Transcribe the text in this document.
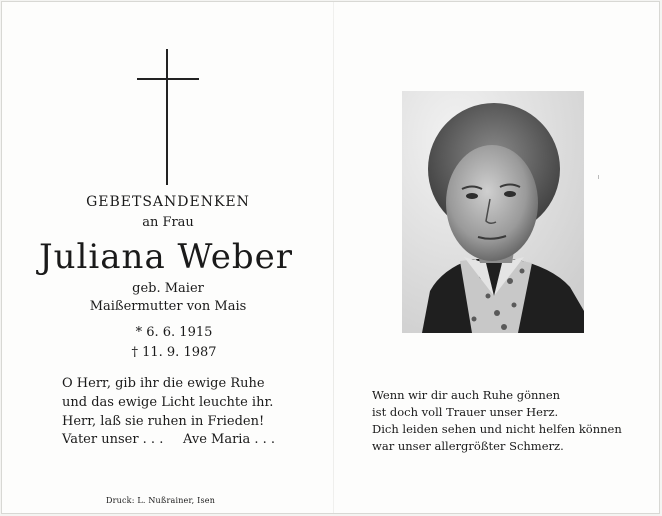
GEBETSANDENKEN
an Frau
Juliana Weber
geb. Maier
Maißermutter von Mais
* 6. 6. 1915
† 11. 9. 1987
O Herr, gib ihr die ewige Ruhe
und das ewige Licht leuchte ihr.
Herr, laß sie ruhen in Frieden!
Vater unser . . . Ave Maria . . .
Druck: L. Nußrainer, Isen
Wenn wir dir auch Ruhe gönnen
ist doch voll Trauer unser Herz.
Dich leiden sehen und nicht helfen können
war unser allergrößter Schmerz.
